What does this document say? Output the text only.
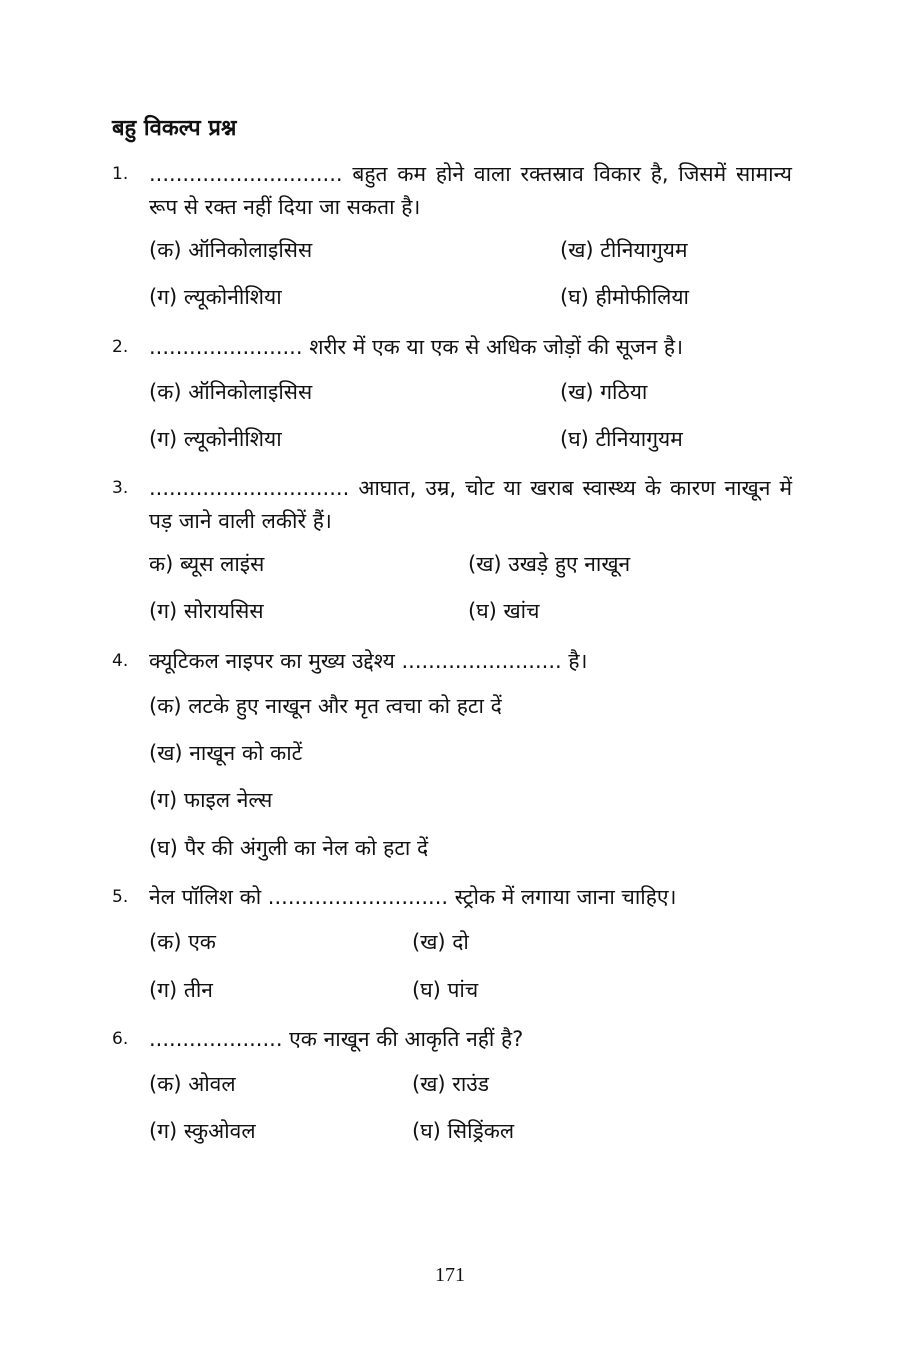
बहु विकल्प प्रश्न
1. ............................. बहुत कम होने वाला रक्तस्राव विकार है, जिसमें सामान्य रूप से रक्त नहीं दिया जा सकता है।
(क) ऑनिकोलाइसिस	(ख) टीनियागुयम
(ग) ल्यूकोनीशिया	(घ) हीमोफीलिया
2. ....................... शरीर में एक या एक से अधिक जोड़ों की सूजन है।
(क) ऑनिकोलाइसिस	(ख) गठिया
(ग) ल्यूकोनीशिया	(घ) टीनियागुयम
3. .............................. आघात, उम्र, चोट या खराब स्वास्थ्य के कारण नाखून में पड़ जाने वाली लकीरें हैं।
क) ब्यूस लाइंस	(ख) उखड़े हुए नाखून
(ग) सोरायसिस	(घ) खांच
4. क्यूटिकल नाइपर का मुख्य उद्देश्य ........................ है।
(क) लटके हुए नाखून और मृत त्वचा को हटा दें
(ख) नाखून को काटें
(ग) फाइल नेल्स
(घ) पैर की अंगुली का नेल को हटा दें
5. नेल पॉलिश को ........................... स्ट्रोक में लगाया जाना चाहिए।
(क) एक	(ख) दो
(ग) तीन	(घ) पांच
6. .................... एक नाखून की आकृति नहीं है?
(क) ओवल	(ख) राउंड
(ग) स्कुओवल	(घ) सिड्रिंकल
171
